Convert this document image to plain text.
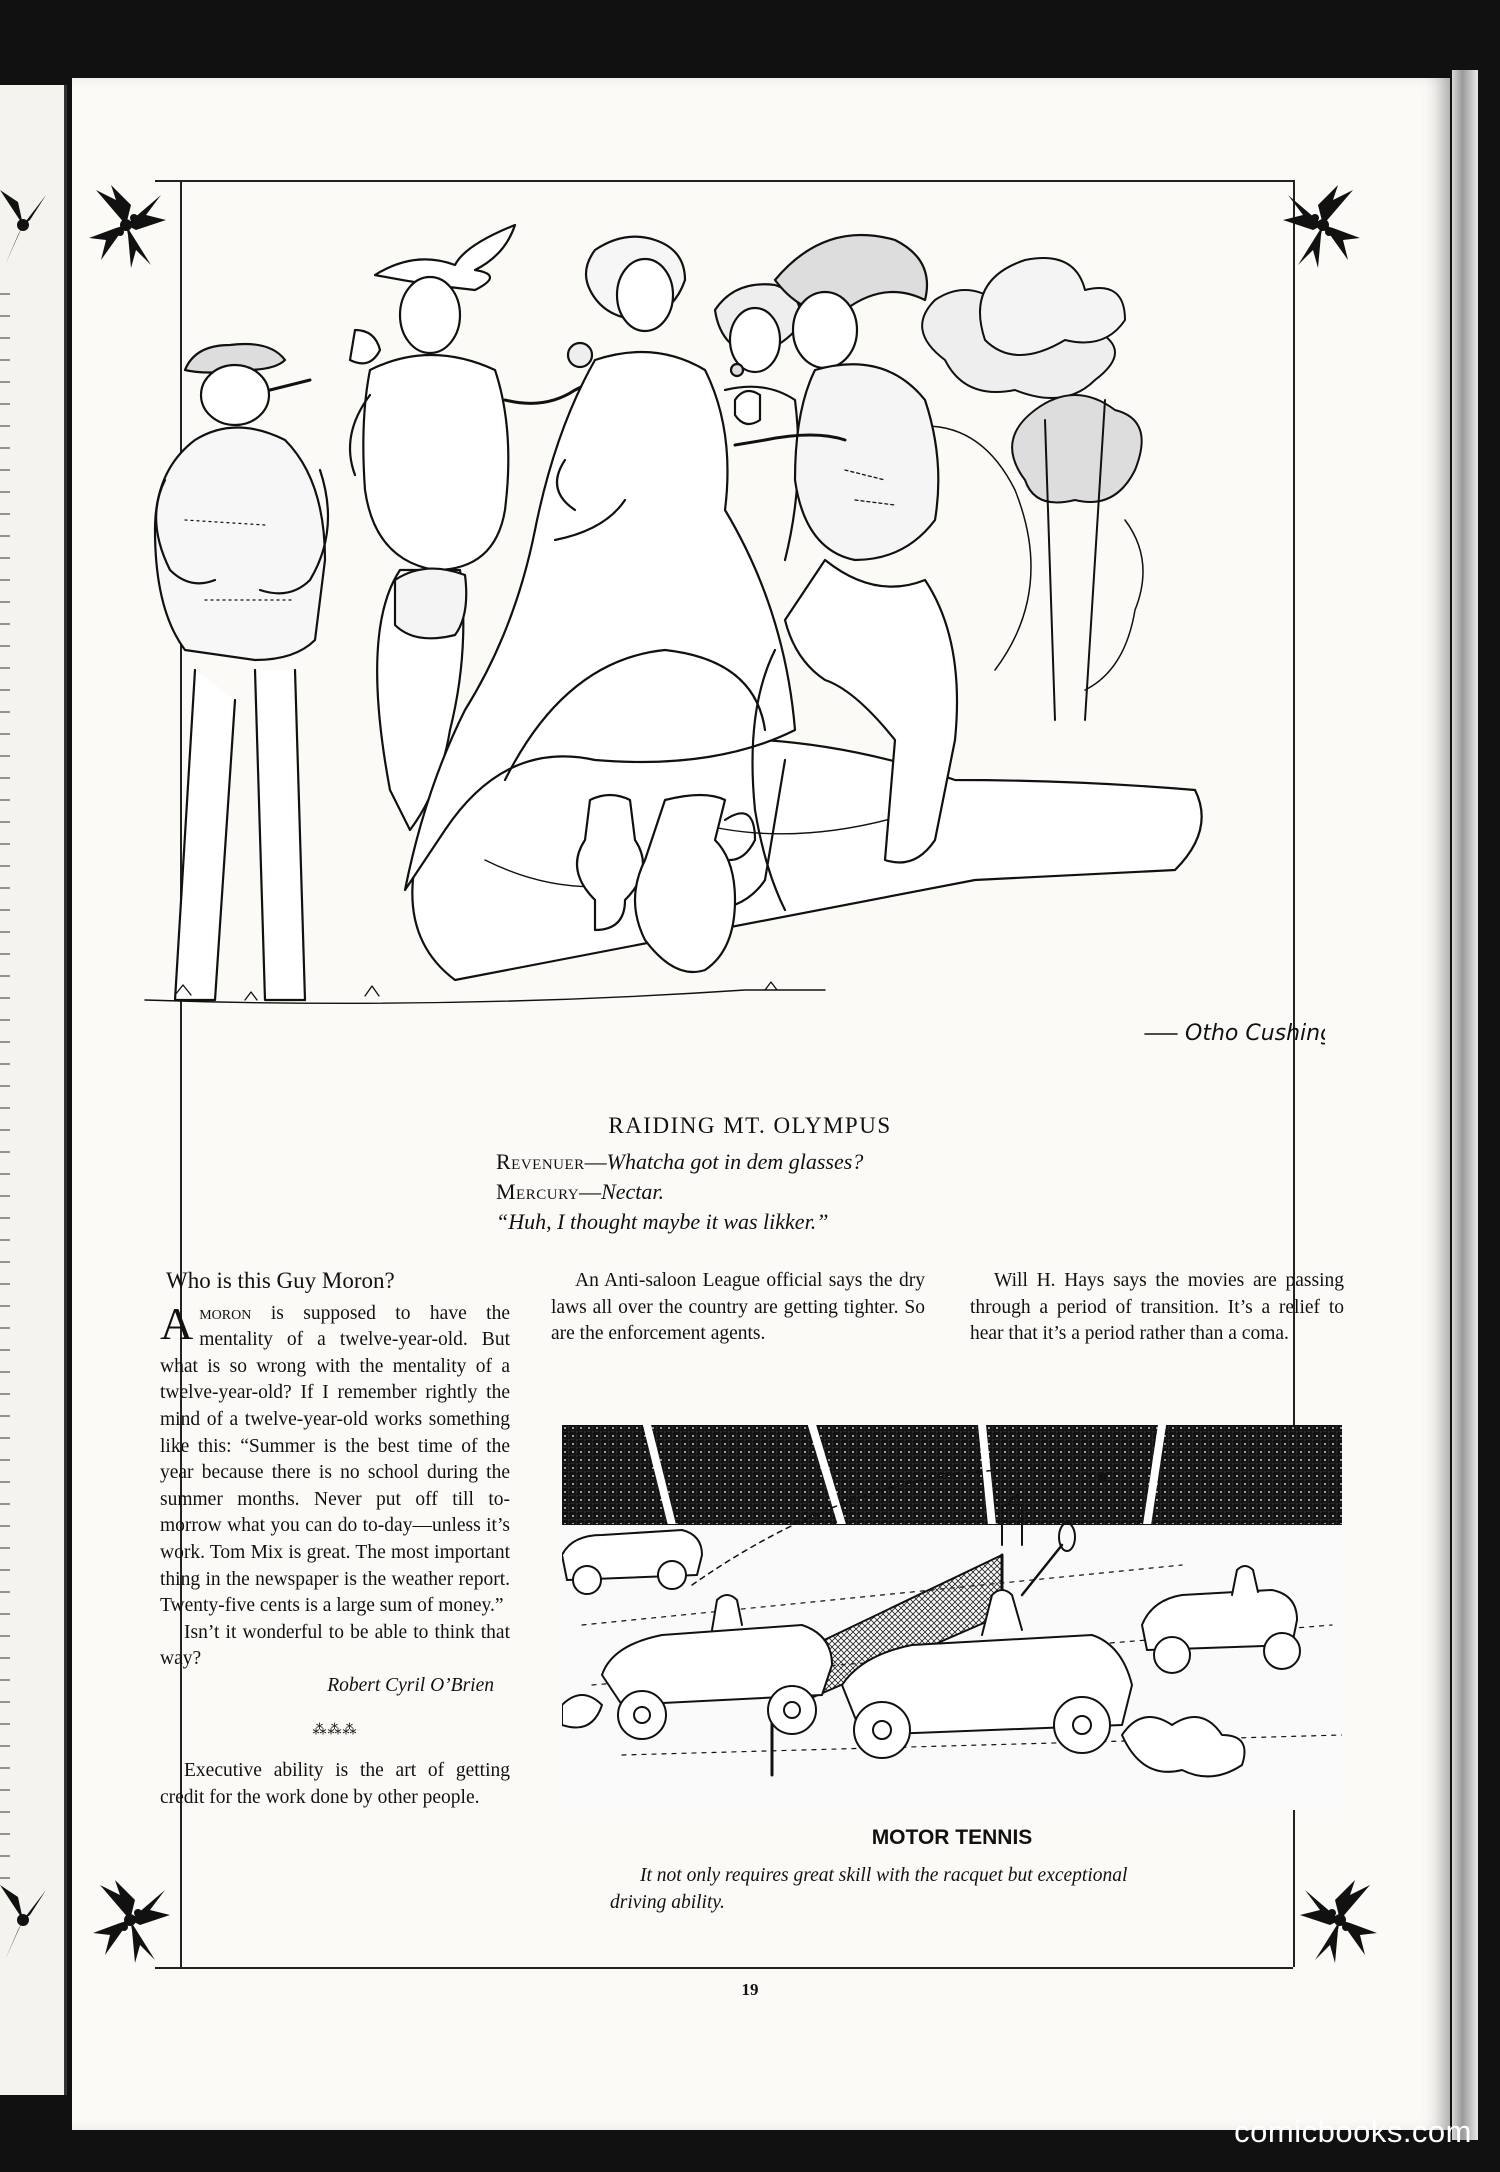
Otho Cushing
RAIDING MT. OLYMPUS
Revenuer—Whatcha got in dem glasses?
Mercury—Nectar.
“Huh, I thought maybe it was likker.”
Who is this Guy Moron?

Amoron is supposed to have the mentality of a twelve-year-old. But what is so wrong with the mentality of a twelve-year-old? If I remember rightly the mind of a twelve-year-old works something like this: “Summer is the best time of the year because there is no school during the summer months. Never put off till to-morrow what you can do to-day—unless it’s work. Tom Mix is great. The most important thing in the newspaper is the weather report. Twenty-five cents is a large sum of money.”

Isn’t it wonderful to be able to think that way?
Robert Cyril O’Brien
⁂⁂⁂

Executive ability is the art of getting credit for the work done by other people.

An Anti-saloon League official says the dry laws all over the country are getting tighter. So are the enforcement agents.

Will H. Hays says the movies are passing through a period of transition. It’s a relief to hear that it’s a period rather than a coma.

MOTOR TENNIS
It not only requires great skill with the racquet but exceptional
driving ability.
19
comicbooks.com
